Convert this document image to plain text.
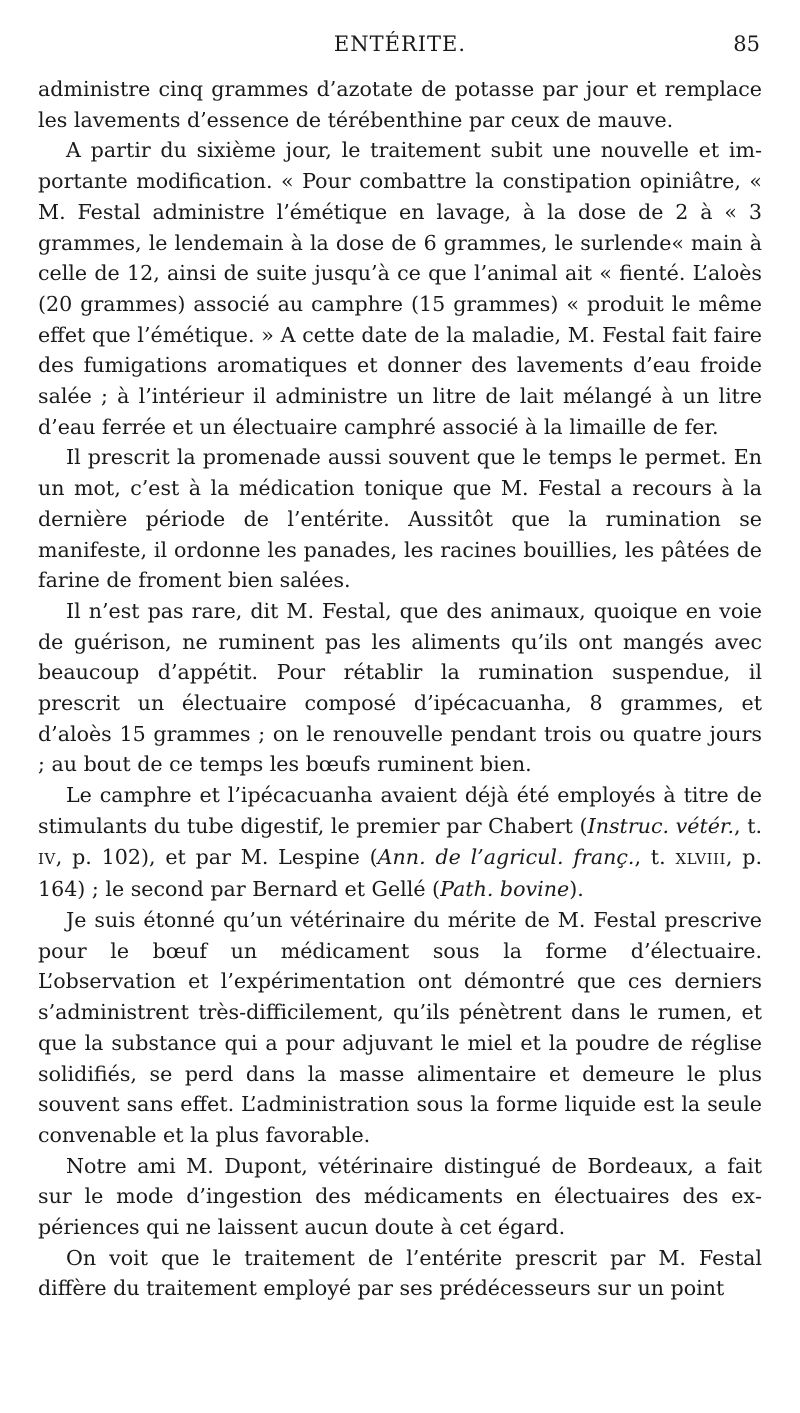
ENTÉRITE.	85

administre cinq grammes d’azotate de potasse par jour et remplace les lavements d’essence de térébenthine par ceux de mauve.

A partir du sixième jour, le traitement subit une nouvelle et importante modification. « Pour combattre la constipation opiniâtre, « M. Festal administre l’émétique en lavage, à la dose de 2 à « 3 grammes, le lendemain à la dose de 6 grammes, le surlende« main à celle de 12, ainsi de suite jusqu’à ce que l’animal ait « fienté. L’aloès (20 grammes) associé au camphre (15 grammes) « produit le même effet que l’émétique. » A cette date de la maladie, M. Festal fait faire des fumigations aromatiques et donner des lavements d’eau froide salée ; à l’intérieur il administre un litre de lait mélangé à un litre d’eau ferrée et un électuaire camphré associé à la limaille de fer.

Il prescrit la promenade aussi souvent que le temps le permet. En un mot, c’est à la médication tonique que M. Festal a recours à la dernière période de l’entérite. Aussitôt que la rumination se manifeste, il ordonne les panades, les racines bouillies, les pâtées de farine de froment bien salées.

Il n’est pas rare, dit M. Festal, que des animaux, quoique en voie de guérison, ne ruminent pas les aliments qu’ils ont mangés avec beaucoup d’appétit. Pour rétablir la rumination suspendue, il prescrit un électuaire composé d’ipécacuanha, 8 grammes, et d’aloès 15 grammes ; on le renouvelle pendant trois ou quatre jours ; au bout de ce temps les bœufs ruminent bien.

Le camphre et l’ipécacuanha avaient déjà été employés à titre de stimulants du tube digestif, le premier par Chabert (Instruc. vétér., t. IV, p. 102), et par M. Lespine (Ann. de l’agricul. franç., t. XLVIII, p. 164) ; le second par Bernard et Gellé (Path. bovine).

Je suis étonné qu’un vétérinaire du mérite de M. Festal prescrive pour le bœuf un médicament sous la forme d’électuaire. L’observation et l’expérimentation ont démontré que ces derniers s’administrent très-difficilement, qu’ils pénètrent dans le rumen, et que la substance qui a pour adjuvant le miel et la poudre de réglise solidifiés, se perd dans la masse alimentaire et demeure le plus souvent sans effet. L’administration sous la forme liquide est la seule convenable et la plus favorable.

Notre ami M. Dupont, vétérinaire distingué de Bordeaux, a fait sur le mode d’ingestion des médicaments en électuaires des expériences qui ne laissent aucun doute à cet égard.

On voit que le traitement de l’entérite prescrit par M. Festal diffère du traitement employé par ses prédécesseurs sur un point
